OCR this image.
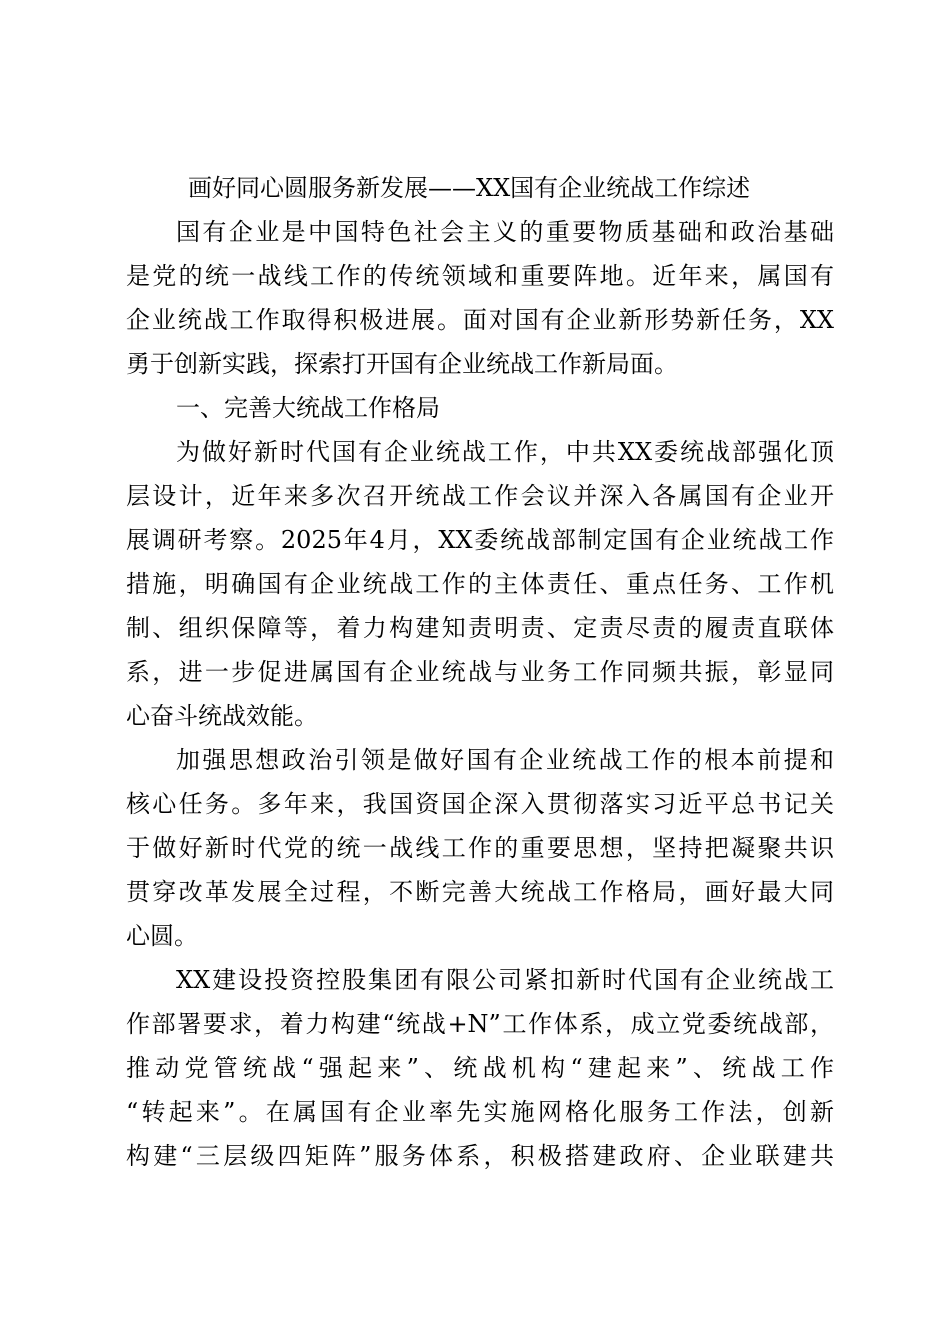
画好同心圆服务新发展——XX国有企业统战工作综述
国有企业是中国特色社会主义的重要物质基础和政治基础
是党的统一战线工作的传统领域和重要阵地。近年来，属国有
企业统战工作取得积极进展。面对国有企业新形势新任务，XX
勇于创新实践，探索打开国有企业统战工作新局面。
一、完善大统战工作格局
为做好新时代国有企业统战工作，中共XX委统战部强化顶
层设计，近年来多次召开统战工作会议并深入各属国有企业开
展调研考察。2025年4月，XX委统战部制定国有企业统战工作
措施，明确国有企业统战工作的主体责任、重点任务、工作机
制、组织保障等，着力构建知责明责、定责尽责的履责直联体
系，进一步促进属国有企业统战与业务工作同频共振，彰显同
心奋斗统战效能。
加强思想政治引领是做好国有企业统战工作的根本前提和
核心任务。多年来，我国资国企深入贯彻落实习近平总书记关
于做好新时代党的统一战线工作的重要思想，坚持把凝聚共识
贯穿改革发展全过程，不断完善大统战工作格局，画好最大同
心圆。
XX建设投资控股集团有限公司紧扣新时代国有企业统战工
作部署要求，着力构建“统战+N”工作体系，成立党委统战部，
推动党管统战“强起来”、统战机构“建起来”、统战工作
“转起来”。在属国有企业率先实施网格化服务工作法，创新
构建“三层级四矩阵”服务体系，积极搭建政府、企业联建共
